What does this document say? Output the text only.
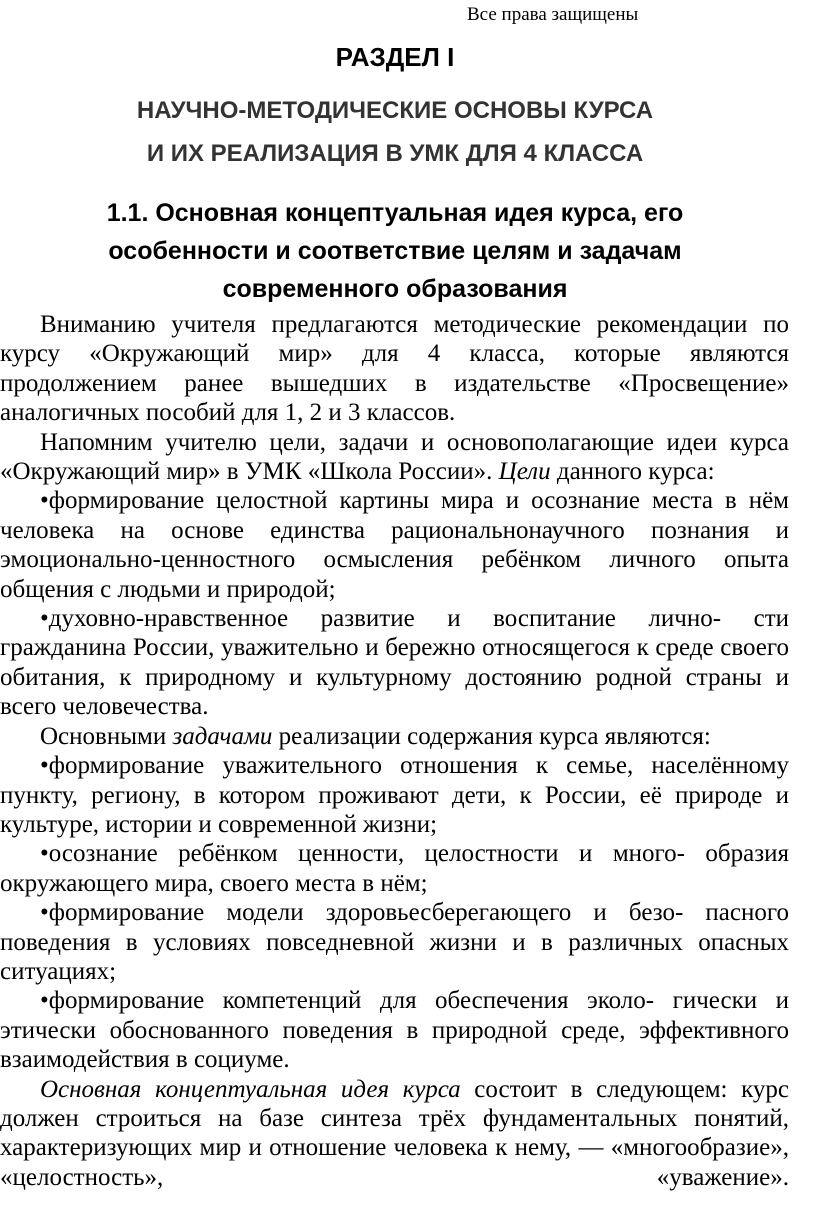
Все права защищены
РАЗДЕЛ I
НАУЧНО-МЕТОДИЧЕСКИЕ ОСНОВЫ КУРСА
И ИХ РЕАЛИЗАЦИЯ В УМК ДЛЯ 4 КЛАССА
1.1. Основная концептуальная идея курса, его
особенности и соответствие целям и задачам
современного образования

Вниманию учителя предлагаются методические рекомендации по курсу «Окружающий мир» для 4 класса, которые являются продолжением ранее вышедших в издательстве «Просвещение» аналогичных пособий для 1, 2 и 3 классов.

Напомним учителю цели, задачи и основополагающие идеи курса «Окружающий мир» в УМК «Школа России». Цели данного курса:

•формирование целостной картины мира и осознание места в нём человека на основе единства рациональнонаучного познания и эмоционально-ценностного осмысления ребёнком личного опыта общения с людьми и природой;

•духовно-нравственное развитие и воспитание лично- сти гражданина России, уважительно и бережно относящегося к среде своего обитания, к природному и культурному достоянию родной страны и всего человечества.

Основными задачами реализации содержания курса являются:

•формирование уважительного отношения к семье, населённому пункту, региону, в котором проживают дети, к России, её природе и культуре, истории и современной жизни;

•осознание ребёнком ценности, целостности и много- образия окружающего мира, своего места в нём;

•формирование модели здоровьесберегающего и безо- пасного поведения в условиях повседневной жизни и в различных опасных ситуациях;

•формирование компетенций для обеспечения эколо- гически и этически обоснованного поведения в природной среде, эффективного взаимодействия в социуме.

Основная концептуальная идея курса состоит в следующем: курс должен строиться на базе синтеза трёх фундаментальных понятий, характеризующих мир и отношение человека к нему, — «многообразие», «целостность», «уважение».
